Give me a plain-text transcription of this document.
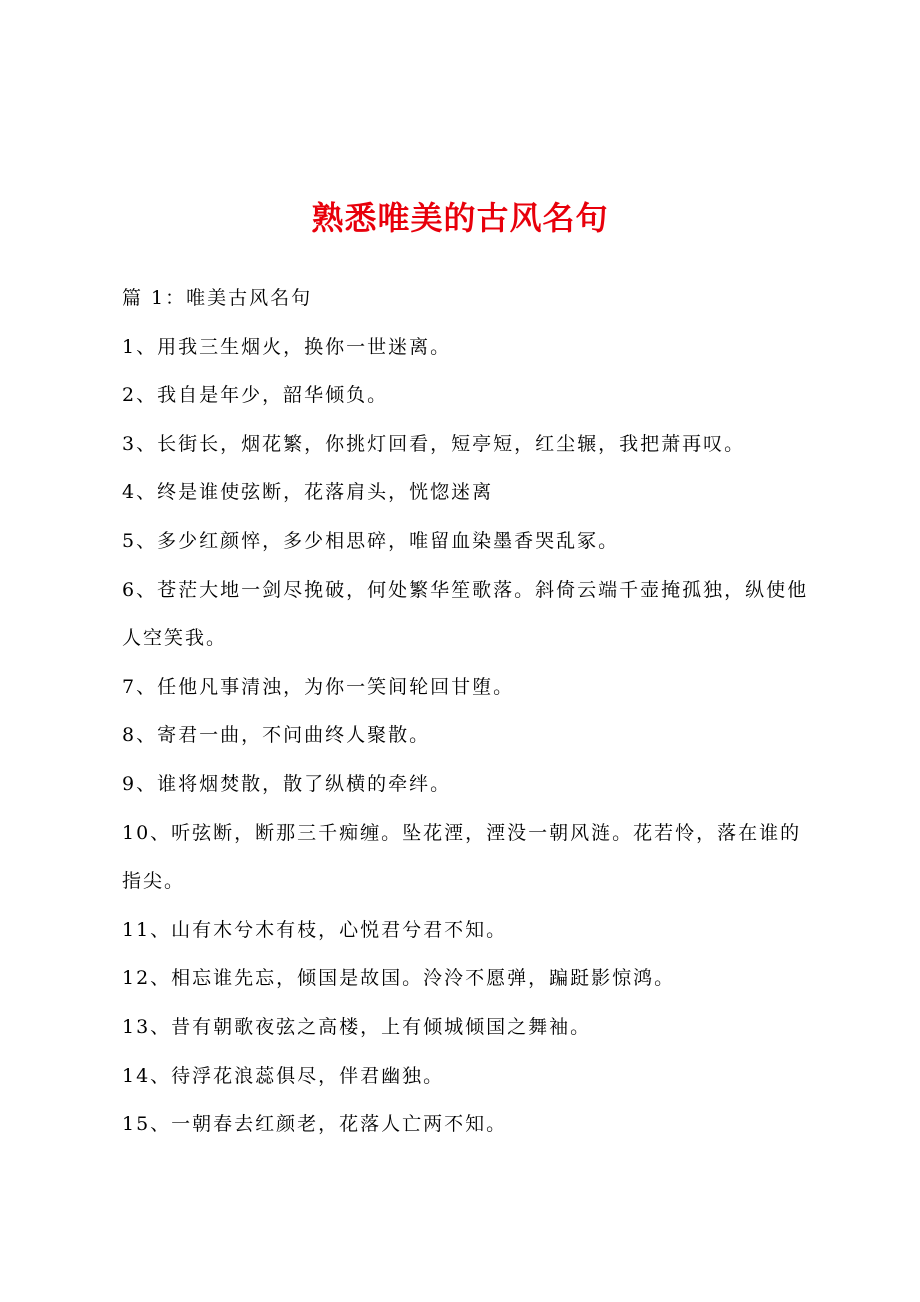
熟悉唯美的古风名句

篇 1：唯美古风名句

1、用我三生烟火，换你一世迷离。

2、我自是年少，韶华倾负。

3、长街长，烟花繁，你挑灯回看，短亭短，红尘辗，我把萧再叹。

4、终是谁使弦断，花落肩头，恍惚迷离

5、多少红颜悴，多少相思碎，唯留血染墨香哭乱冢。

6、苍茫大地一剑尽挽破，何处繁华笙歌落。斜倚云端千壶掩孤独，纵使他人空笑我。

7、任他凡事清浊，为你一笑间轮回甘堕。

8、寄君一曲，不问曲终人聚散。

9、谁将烟焚散，散了纵横的牵绊。

10、听弦断，断那三千痴缠。坠花湮，湮没一朝风涟。花若怜，落在谁的指尖。

11、山有木兮木有枝，心悦君兮君不知。

12、相忘谁先忘，倾国是故国。泠泠不愿弹，蹁跹影惊鸿。

13、昔有朝歌夜弦之高楼，上有倾城倾国之舞袖。

14、待浮花浪蕊俱尽，伴君幽独。

15、一朝春去红颜老，花落人亡两不知。
